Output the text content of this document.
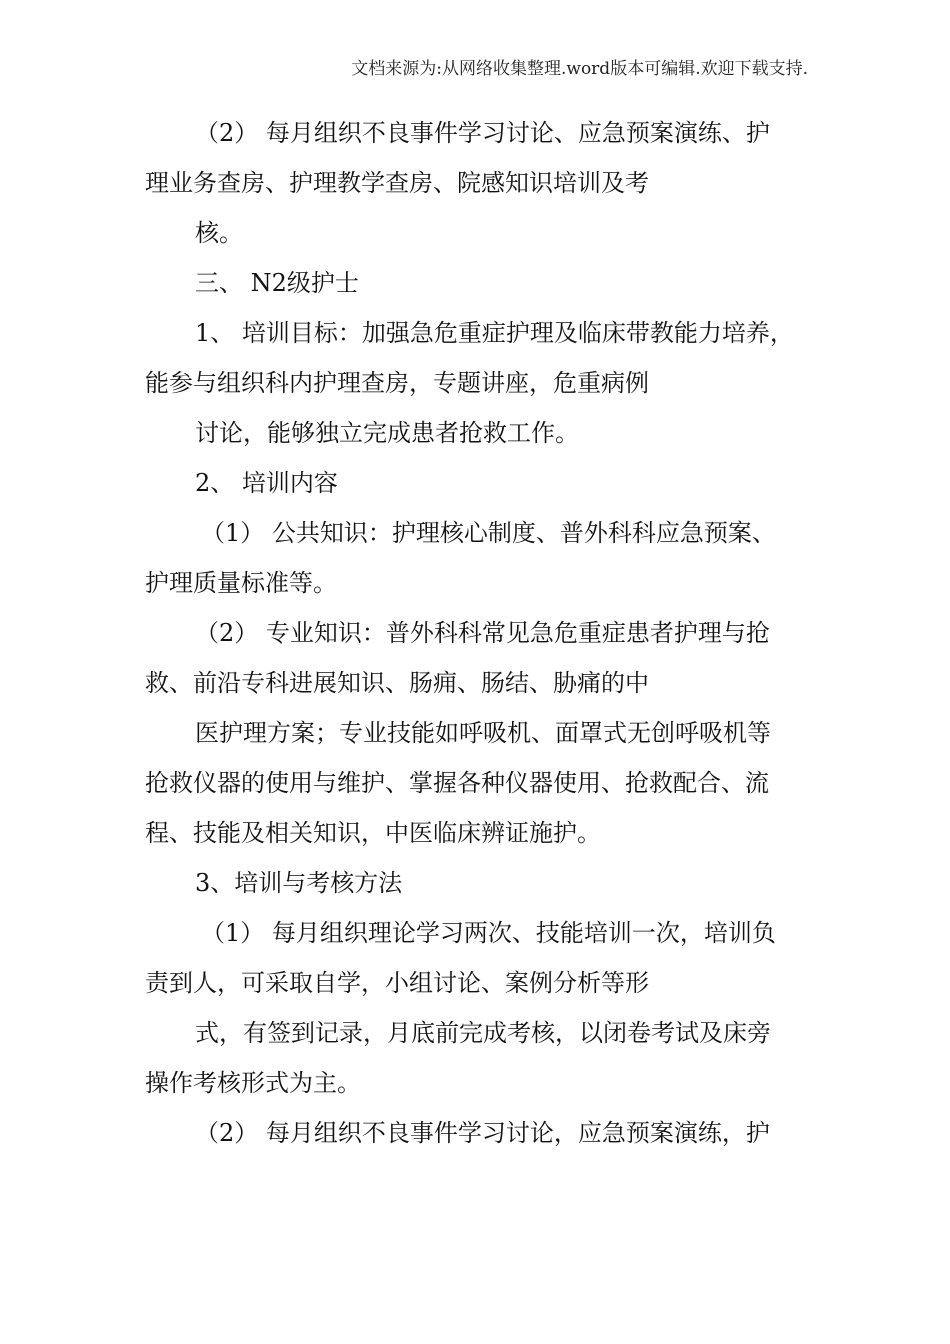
文档来源为:从网络收集整理.word版本可编辑.欢迎下载支持.
（2） 每月组织不良事件学习讨论、应急预案演练、护
理业务查房、护理教学查房、院感知识培训及考
核。
三、 N2级护士
1、 培训目标：加强急危重症护理及临床带教能力培养，
能参与组织科内护理查房，专题讲座，危重病例
讨论，能够独立完成患者抢救工作。
2、 培训内容
（1） 公共知识：护理核心制度、普外科科应急预案、
护理质量标准等。
（2） 专业知识：普外科科常见急危重症患者护理与抢
救、前沿专科进展知识、肠痈、肠结、胁痛的中
医护理方案；专业技能如呼吸机、面罩式无创呼吸机等
抢救仪器的使用与维护、掌握各种仪器使用、抢救配合、流
程、技能及相关知识，中医临床辨证施护。
3、培训与考核方法
（1） 每月组织理论学习两次、技能培训一次，培训负
责到人，可采取自学，小组讨论、案例分析等形
式，有签到记录，月底前完成考核，以闭卷考试及床旁
操作考核形式为主。
（2） 每月组织不良事件学习讨论，应急预案演练，护
